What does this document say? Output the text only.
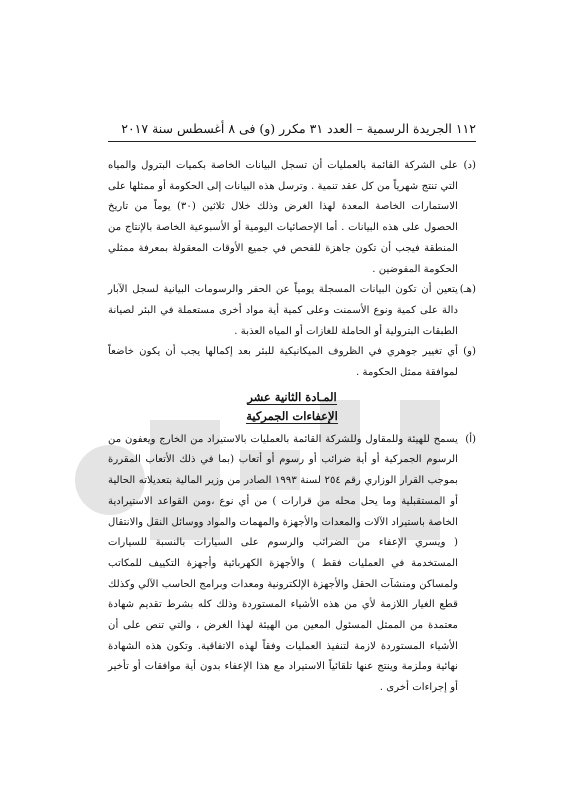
١١٢ الجريدة الرسمية – العدد ٣١ مكرر (و) فى ٨ أغسطس سنة ٢٠١٧

(د)
على الشركة القائمة بالعمليات أن تسجل البيانات الخاصة بكميات البترول والمياه التي تنتج شهرياً من كل عقد تنمية . وترسل هذه البيانات إلى الحكومة أو ممثلها على الاستمارات الخاصة المعدة لهذا الغرض وذلك خلال ثلاثين (٣٠) يوماً من تاريخ الحصول على هذه البيانات . أما الإحصائيات اليومية أو الأسبوعية الخاصة بالإنتاج من المنطقة فيجب أن تكون جاهزة للفحص في جميع الأوقات المعقولة بمعرفة ممثلي الحكومة المفوضين .

(هـ)
يتعين أن تكون البيانات المسجلة يومياً عن الحفر والرسومات البيانية لسجل الآبار دالة على كمية ونوع الأسمنت وعلى كمية أية مواد أخرى مستعملة في البئر لصيانة الطبقات البترولية أو الحاملة للغازات أو المياه العذبة .

(و)
أي تغيير جوهري في الظروف الميكانيكية للبئر بعد إكمالها يجب أن يكون خاضعاً لموافقة ممثل الحكومة .

المـادة الثانية عشر
الإعفاءات الجمركية

(أ)
يسمح للهيئة وللمقاول وللشركة القائمة بالعمليات بالاستيراد من الخارج ويعفون من الرسوم الجمركية أو أية ضرائب أو رسوم أو أتعاب (بما في ذلك الأتعاب المقررة بموجب القرار الوزاري رقم ٢٥٤ لسنة ١٩٩٣ الصادر من وزير المالية بتعديلاته الحالية أو المستقبلية وما يحل محله من قرارات ) من أي نوع ،ومن القواعد الاستيرادية الخاصة باستيراد الآلات والمعدات والأجهزة والمهمات والمواد ووسائل النقل والانتقال ( ويسري الإعفاء من الضرائب والرسوم على السيارات بالنسبة للسيارات المستخدمة في العمليات فقط ) والأجهزة الكهربائية وأجهزة التكييف للمكاتب ولمساكن ومنشآت الحقل والأجهزة الإلكترونية ومعدات وبرامج الحاسب الآلي وكذلك قطع الغيار اللازمة لأي من هذه الأشياء المستوردة وذلك كله بشرط تقديم شهادة معتمدة من الممثل المسئول المعين من الهيئة لهذا الغرض ، والتي تنص على أن الأشياء المستوردة لازمة لتنفيذ العمليات وفقاً لهذه الاتفاقية. وتكون هذه الشهادة نهائية وملزمة وينتج عنها تلقائياً الاستيراد مع هذا الإعفاء بدون أية موافقات أو تأخير أو إجراءات أخرى .
